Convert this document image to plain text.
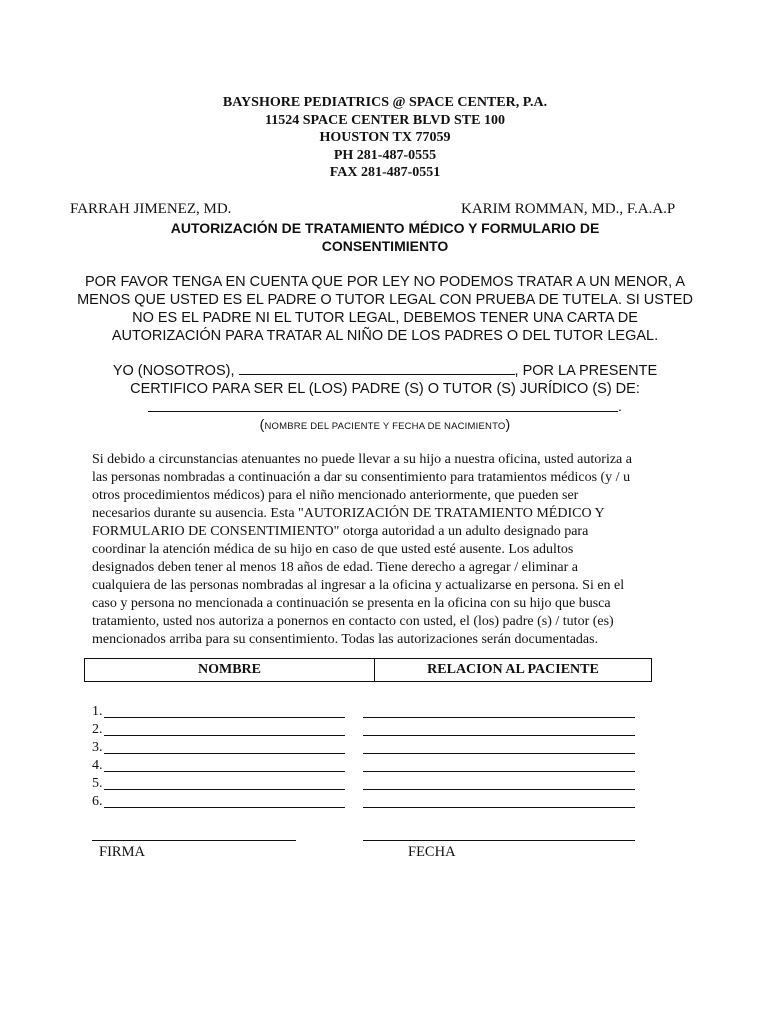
BAYSHORE PEDIATRICS @ SPACE CENTER, P.A.
11524 SPACE CENTER BLVD STE 100
HOUSTON TX 77059
PH 281-487-0555
FAX 281-487-0551
FARRAH JIMENEZ, MD.	KARIM ROMMAN, MD., F.A.A.P
AUTORIZACIÓN DE TRATAMIENTO MÉDICO Y FORMULARIO DE
CONSENTIMIENTO
POR FAVOR TENGA EN CUENTA QUE POR LEY NO PODEMOS TRATAR A UN MENOR, A
MENOS QUE USTED ES EL PADRE O TUTOR LEGAL CON PRUEBA DE TUTELA. SI USTED
NO ES EL PADRE NI EL TUTOR LEGAL, DEBEMOS TENER UNA CARTA DE
AUTORIZACIÓN PARA TRATAR AL NIÑO DE LOS PADRES O DEL TUTOR LEGAL.
YO (NOSOTROS),	, POR LA PRESENTE
CERTIFICO PARA SER EL (LOS) PADRE (S) O TUTOR (S) JURÍDICO (S) DE:
.
(NOMBRE DEL PACIENTE Y FECHA DE NACIMIENTO)
Si debido a circunstancias atenuantes no puede llevar a su hijo a nuestra oficina, usted autoriza a
las personas nombradas a continuación a dar su consentimiento para tratamientos médicos (y / u
otros procedimientos médicos) para el niño mencionado anteriormente, que pueden ser
necesarios durante su ausencia. Esta "AUTORIZACIÓN DE TRATAMIENTO MÉDICO Y
FORMULARIO DE CONSENTIMIENTO" otorga autoridad a un adulto designado para
coordinar la atención médica de su hijo en caso de que usted esté ausente. Los adultos
designados deben tener al menos 18 años de edad. Tiene derecho a agregar / eliminar a
cualquiera de las personas nombradas al ingresar a la oficina y actualizarse en persona. Si en el
caso y persona no mencionada a continuación se presenta en la oficina con su hijo que busca
tratamiento, usted nos autoriza a ponernos en contacto con usted, el (los) padre (s) / tutor (es)
mencionados arriba para su consentimiento. Todas las autorizaciones serán documentadas.
NOMBRE	RELACION AL PACIENTE
1.
2.
3.
4.
5.
6.
FIRMA	FECHA
